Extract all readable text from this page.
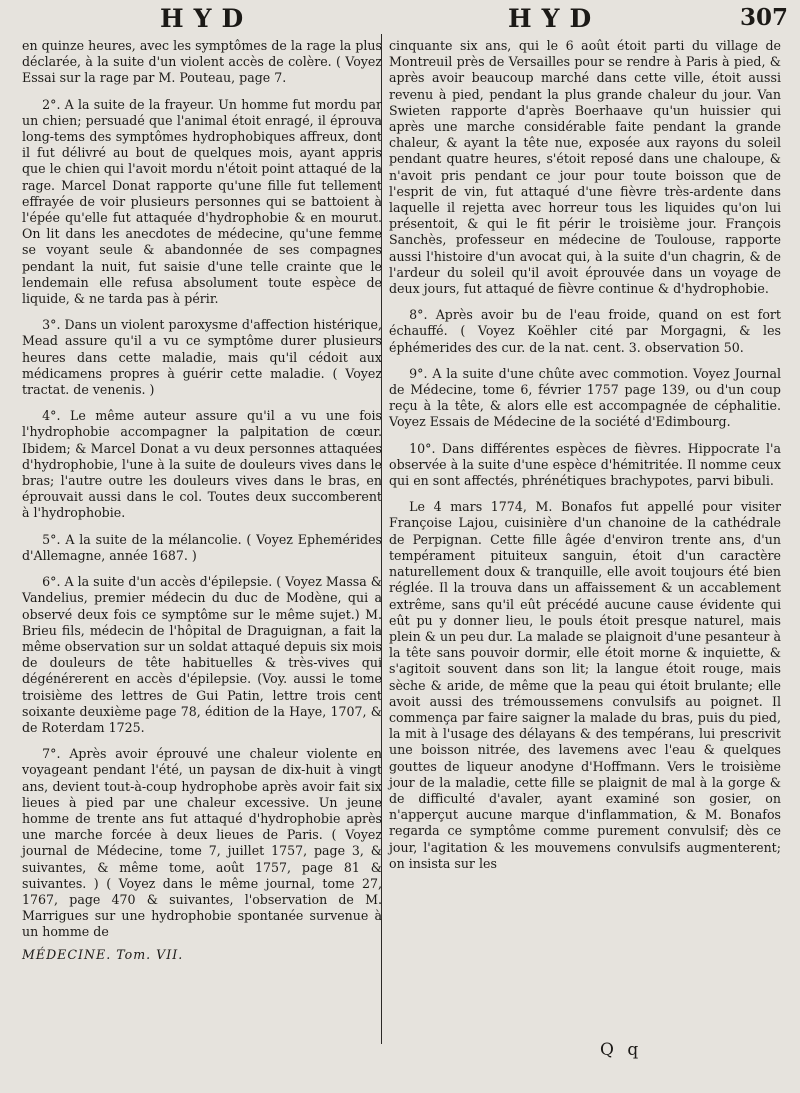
HYD	HYD	307

en quinze heures, avec les symptômes de la rage la plus déclarée, à la suite d'un violent accès de colère. ( Voyez Essai sur la rage par M. Pouteau, page 7.

2°. A la suite de la frayeur. Un homme fut mordu par un chien; persuadé que l'animal étoit enragé, il éprouva long-tems des symptômes hydrophobiques affreux, dont il fut délivré au bout de quelques mois, ayant appris que le chien qui l'avoit mordu n'étoit point attaqué de la rage. Marcel Donat rapporte qu'une fille fut tellement effrayée de voir plusieurs personnes qui se battoient à l'épée qu'elle fut attaquée d'hydrophobie & en mourut. On lit dans les anecdotes de médecine, qu'une femme se voyant seule & abandonnée de ses compagnes pendant la nuit, fut saisie d'une telle crainte que le lendemain elle refusa absolument toute espèce de liquide, & ne tarda pas à périr.

3°. Dans un violent paroxysme d'affection histérique, Mead assure qu'il a vu ce symptôme durer plusieurs heures dans cette maladie, mais qu'il cédoit aux médicamens propres à guérir cette maladie. ( Voyez tractat. de venenis. )

4°. Le même auteur assure qu'il a vu une fois l'hydrophobie accompagner la palpitation de cœur. Ibidem; & Marcel Donat a vu deux personnes attaquées d'hydrophobie, l'une à la suite de douleurs vives dans le bras; l'autre outre les douleurs vives dans le bras, en éprouvait aussi dans le col. Toutes deux succomberent à l'hydrophobie.

5°. A la suite de la mélancolie. ( Voyez Ephemérides d'Allemagne, année 1687. )

6°. A la suite d'un accès d'épilepsie. ( Voyez Massa & Vandelius, premier médecin du duc de Modène, qui a observé deux fois ce symptôme sur le même sujet.) M. Brieu fils, médecin de l'hôpital de Draguignan, a fait la même observation sur un soldat attaqué depuis six mois de douleurs de tête habituelles & très-vives qui dégénérerent en accès d'épilepsie. (Voy. aussi le tome troisième des lettres de Gui Patin, lettre trois cent soixante deuxième page 78, édition de la Haye, 1707, & de Roterdam 1725.

7°. Après avoir éprouvé une chaleur violente en voyageant pendant l'été, un paysan de dix-huit à vingt ans, devient tout-à-coup hydrophobe après avoir fait six lieues à pied par une chaleur excessive. Un jeune homme de trente ans fut attaqué d'hydrophobie après une marche forcée à deux lieues de Paris. ( Voyez journal de Médecine, tome 7, juillet 1757, page 3, & suivantes, & même tome, août 1757, page 81 & suivantes. ) ( Voyez dans le même journal, tome 27, 1767, page 470 & suivantes, l'observation de M. Marrigues sur une hydrophobie spontanée survenue à un homme de

MÉDECINE. Tom. VII.

cinquante six ans, qui le 6 août étoit parti du village de Montreuil près de Versailles pour se rendre à Paris à pied, & après avoir beaucoup marché dans cette ville, étoit aussi revenu à pied, pendant la plus grande chaleur du jour. Van Swieten rapporte d'après Boerhaave qu'un huissier qui après une marche considérable faite pendant la grande chaleur, & ayant la tête nue, exposée aux rayons du soleil pendant quatre heures, s'étoit reposé dans une chaloupe, & n'avoit pris pendant ce jour pour toute boisson que de l'esprit de vin, fut attaqué d'une fièvre très-ardente dans laquelle il rejetta avec horreur tous les liquides qu'on lui présentoit, & qui le fit périr le troisième jour. François Sanchès, professeur en médecine de Toulouse, rapporte aussi l'histoire d'un avocat qui, à la suite d'un chagrin, & de l'ardeur du soleil qu'il avoit éprouvée dans un voyage de deux jours, fut attaqué de fièvre continue & d'hydrophobie.

8°. Après avoir bu de l'eau froide, quand on est fort échauffé. ( Voyez Koëhler cité par Morgagni, & les éphémerides des cur. de la nat. cent. 3. observation 50.

9°. A la suite d'une chûte avec commotion. Voyez Journal de Médecine, tome 6, février 1757 page 139, ou d'un coup reçu à la tête, & alors elle est accompagnée de céphalitie. Voyez Essais de Médecine de la société d'Edimbourg.

10°. Dans différentes espèces de fièvres. Hippocrate l'a observée à la suite d'une espèce d'hémitritée. Il nomme ceux qui en sont affectés, phrénétiques brachypotes, parvi bibuli.

Le 4 mars 1774, M. Bonafos fut appellé pour visiter Françoise Lajou, cuisinière d'un chanoine de la cathédrale de Perpignan. Cette fille âgée d'environ trente ans, d'un tempérament pituiteux sanguin, étoit d'un caractère naturellement doux & tranquille, elle avoit toujours été bien réglée. Il la trouva dans un affaissement & un accablement extrême, sans qu'il eût précédé aucune cause évidente qui eût pu y donner lieu, le pouls étoit presque naturel, mais plein & un peu dur. La malade se plaignoit d'une pesanteur à la tête sans pouvoir dormir, elle étoit morne & inquiette, & s'agitoit souvent dans son lit; la langue étoit rouge, mais sèche & aride, de même que la peau qui étoit brulante; elle avoit aussi des trémoussemens convulsifs au poignet. Il commença par faire saigner la malade du bras, puis du pied, la mit à l'usage des délayans & des tempérans, lui prescrivit une boisson nitrée, des lavemens avec l'eau & quelques gouttes de liqueur anodyne d'Hoffmann. Vers le troisième jour de la maladie, cette fille se plaignit de mal à la gorge & de difficulté d'avaler, ayant examiné son gosier, on n'apperçut aucune marque d'inflammation, & M. Bonafos regarda ce symptôme comme purement convulsif; dès ce jour, l'agitation & les mouvemens convulsifs augmenterent; on insista sur les

Q q
